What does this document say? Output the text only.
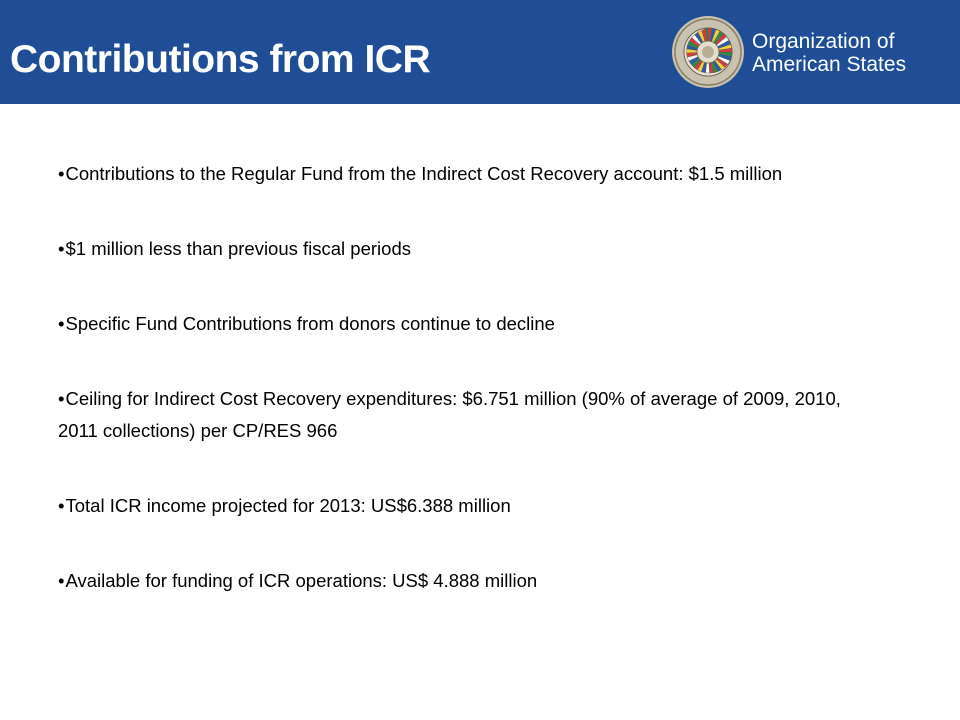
Contributions from ICR	Organization of
American States
•Contributions to the Regular Fund from the Indirect Cost Recovery account: $1.5 million
•$1 million less than previous fiscal periods
•Specific Fund Contributions from donors continue to decline
•Ceiling for Indirect Cost Recovery expenditures: $6.751 million (90% of average of 2009, 2010, 2011 collections) per CP/RES 966
•Total ICR income projected for 2013: US$6.388 million
•Available for funding of ICR operations: US$ 4.888 million
